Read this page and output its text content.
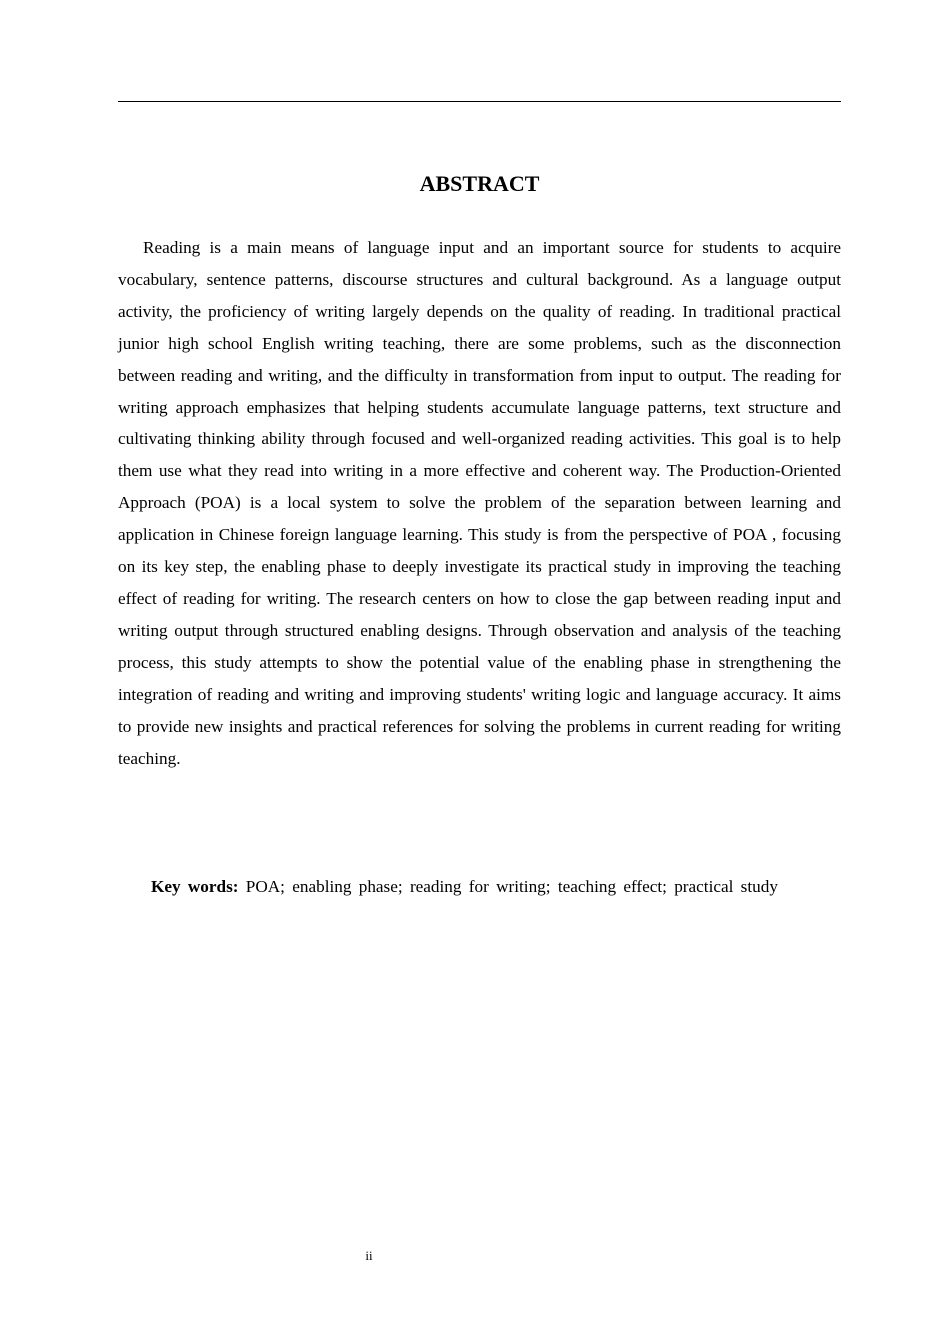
ABSTRACT

Reading is a main means of language input and an important source for students to acquire vocabulary, sentence patterns, discourse structures and cultural background. As a language output activity, the proficiency of writing largely depends on the quality of reading. In traditional practical junior high school English writing teaching, there are some problems, such as the disconnection between reading and writing, and the difficulty in transformation from input to output. The reading for writing approach emphasizes that helping students accumulate language patterns, text structure and cultivating thinking ability through focused and well-organized reading activities. This goal is to help them use what they read into writing in a more effective and coherent way. The Production-Oriented Approach (POA) is a local system to solve the problem of the separation between learning and application in Chinese foreign language learning. This study is from the perspective of POA , focusing on its key step, the enabling phase to deeply investigate its practical study in improving the teaching effect of reading for writing. The research centers on how to close the gap between reading input and writing output through structured enabling designs. Through observation and analysis of the teaching process, this study attempts to show the potential value of the enabling phase in strengthening the integration of reading and writing and improving students' writing logic and language accuracy. It aims to provide new insights and practical references for solving the problems in current reading for writing teaching.

Key words: POA; enabling phase; reading for writing; teaching effect; practical study

ii
